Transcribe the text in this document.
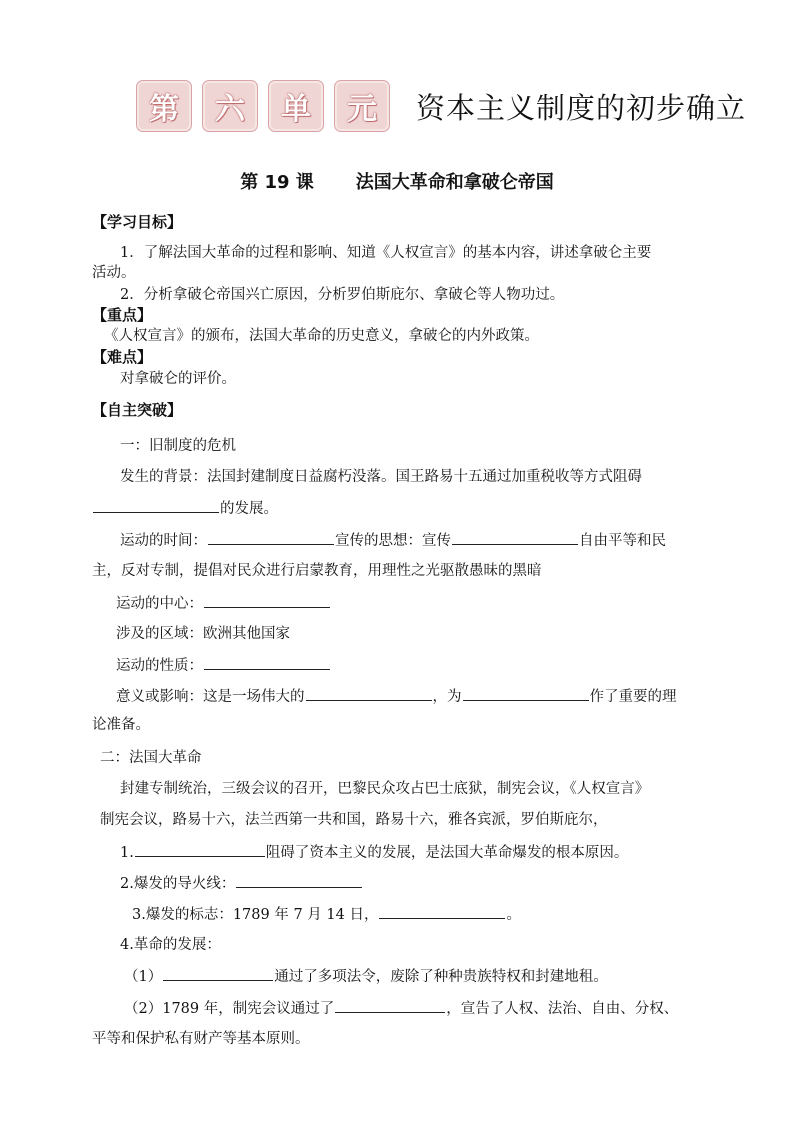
第 六 单 元 资本主义制度的初步确立
第 19 课 法国大革命和拿破仑帝国
【学习目标】
1．了解法国大革命的过程和影响、知道《人权宣言》的基本内容，讲述拿破仑主要
活动。
2．分析拿破仑帝国兴亡原因，分析罗伯斯庇尔、拿破仑等人物功过。
【重点】
《人权宣言》的颁布，法国大革命的历史意义，拿破仑的内外政策。
【难点】
对拿破仑的评价。
【自主突破】
一：旧制度的危机
发生的背景：法国封建制度日益腐朽没落。国王路易十五通过加重税收等方式阻碍
的发展。
运动的时间：	宣传的思想：宣传	自由平等和民
主，反对专制，提倡对民众进行启蒙教育，用理性之光驱散愚昧的黑暗
运动的中心：
涉及的区域：欧洲其他国家
运动的性质：
意义或影响：这是一场伟大的	，为	作了重要的理
论准备。
二：法国大革命
封建专制统治，三级会议的召开，巴黎民众攻占巴士底狱，制宪会议，《人权宣言》
制宪会议，路易十六，法兰西第一共和国，路易十六，雅各宾派，罗伯斯庇尔，
1.	阻碍了资本主义的发展，是法国大革命爆发的根本原因。
2.爆发的导火线：
3.爆发的标志：1789 年 7 月 14 日，	。
4.革命的发展：
（1）	通过了多项法令，废除了种种贵族特权和封建地租。
（2）1789 年，制宪会议通过了	，宣告了人权、法治、自由、分权、
平等和保护私有财产等基本原则。
